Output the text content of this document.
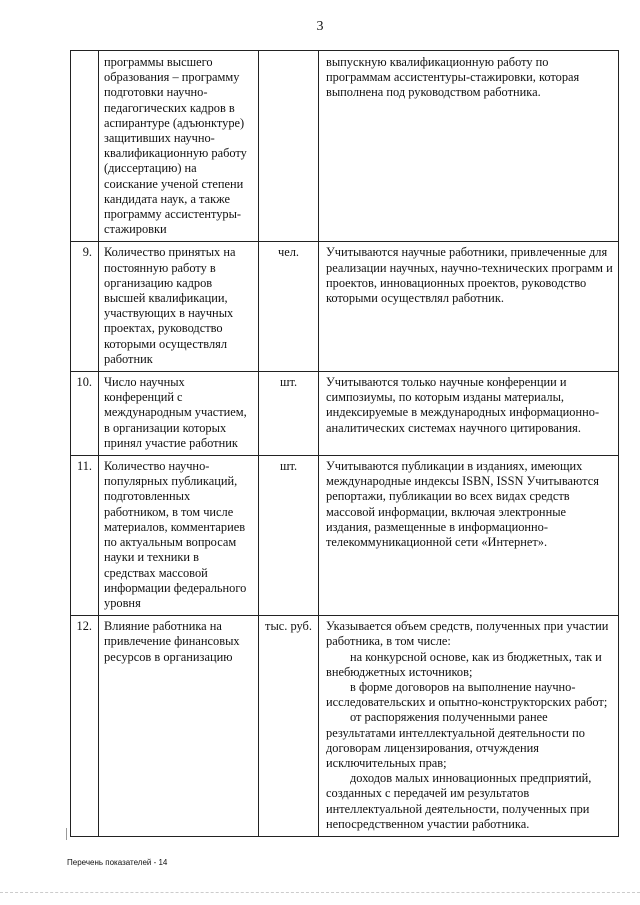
3
	программы высшего образования – программу подготовки научно-педагогических кадров в аспирантуре (адъюнктуре) защитивших научно-квалификационную работу (диссертацию) на соискание ученой степени кандидата наук, а также программу ассистентуры-стажировки		выпускную квалификационную работу по программам ассистентуры-стажировки, которая выполнена под руководством работника.

9.	Количество принятых на постоянную работу в организацию кадров высшей квалификации, участвующих в научных проектах, руководство которыми осуществлял работник	чел.	Учитываются научные работники, привлеченные для реализации научных, научно-технических программ и проектов, инновационных проектов, руководство которыми осуществлял работник.

10.	Число научных конференций с международным участием, в организации которых принял участие работник	шт.	Учитываются только научные конференции и симпозиумы, по которым изданы материалы, индексируемые в международных информационно-аналитических системах научного цитирования.

11.	Количество научно-популярных публикаций, подготовленных работником, в том числе материалов, комментариев по актуальным вопросам науки и техники в средствах массовой информации федерального уровня	шт.	Учитываются публикации в изданиях, имеющих международные индексы ISBN, ISSN Учитываются репортажи, публикации во всех видах средств массовой информации, включая электронные издания, размещенные в информационно-телекоммуникационной сети «Интернет».

12.	Влияние работника на привлечение финансовых ресурсов в организацию	тыс. руб.	Указывается объем средств, полученных при участии работника, в том числе:
на конкурсной основе, как из бюджетных, так и внебюджетных источников;
в форме договоров на выполнение научно-исследовательских и опытно-конструкторских работ;
от распоряжения полученными ранее результатами интеллектуальной деятельности по договорам лицензирования, отчуждения исключительных прав;
доходов малых инновационных предприятий, созданных с передачей им результатов интеллектуальной деятельности, полученных при непосредственном участии работника.
Перечень показателей - 14
